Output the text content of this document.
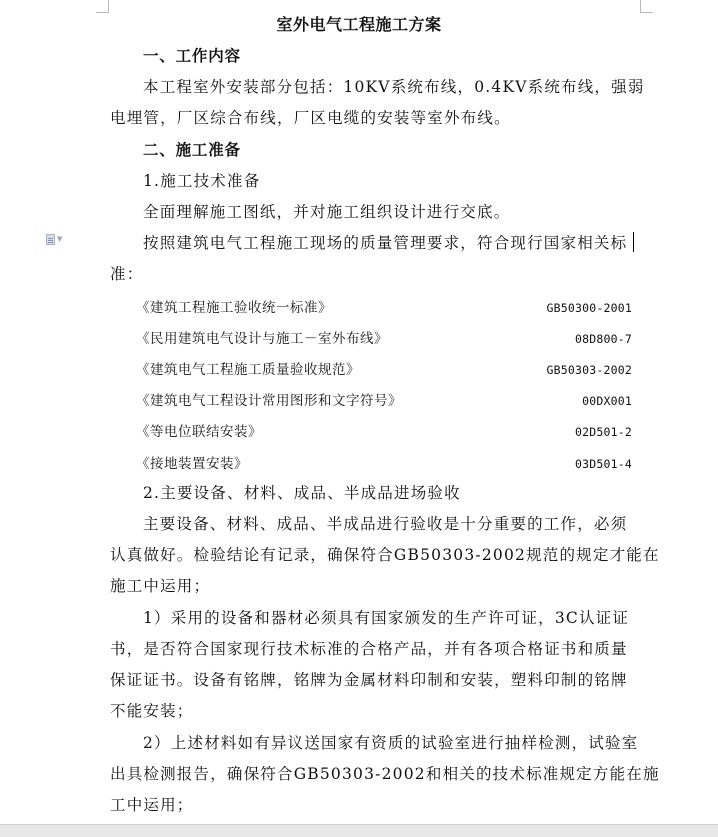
室外电气工程施工方案
一、工作内容
本工程室外安装部分包括：10KV系统布线，0.4KV系统布线，强弱
电埋管，厂区综合布线，厂区电缆的安装等室外布线。
二、施工准备
1.施工技术准备
全面理解施工图纸，并对施工组织设计进行交底。
▼	按照建筑电气工程施工现场的质量管理要求，符合现行国家相关标
准：
《建筑工程施工验收统一标准》	GB50300-2001
《民用建筑电气设计与施工－室外布线》	08D800-7
《建筑电气工程施工质量验收规范》	GB50303-2002
《建筑电气工程设计常用图形和文字符号》	00DX001
《等电位联结安装》	02D501-2
《接地装置安装》	03D501-4
2.主要设备、材料、成品、半成品进场验收
主要设备、材料、成品、半成品进行验收是十分重要的工作，必须
认真做好。检验结论有记录，确保符合GB50303-2002规范的规定才能在
施工中运用；
1）采用的设备和器材必须具有国家颁发的生产许可证，3C认证证
书，是否符合国家现行技术标准的合格产品，并有各项合格证书和质量
保证证书。设备有铭牌，铭牌为金属材料印制和安装，塑料印制的铭牌
不能安装；
2）上述材料如有异议送国家有资质的试验室进行抽样检测，试验室
出具检测报告，确保符合GB50303-2002和相关的技术标准规定方能在施
工中运用；
